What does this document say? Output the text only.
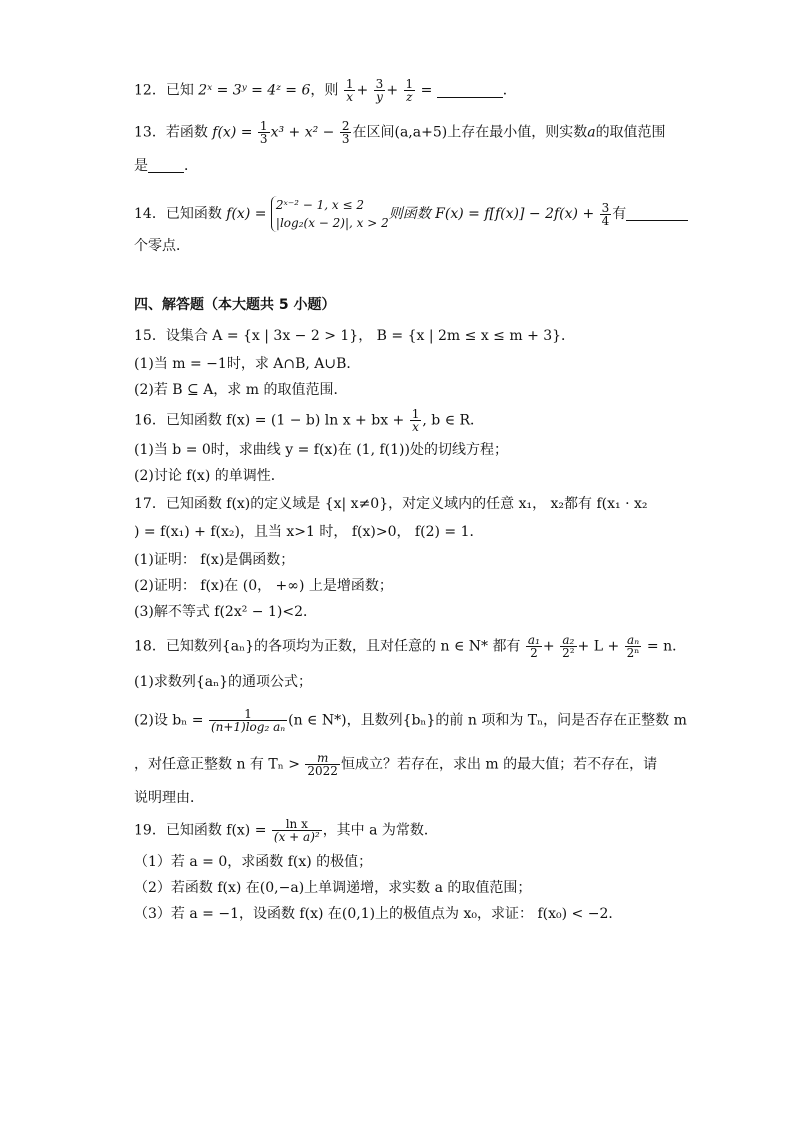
12．已知 2ˣ = 3ʸ = 4ᶻ = 6，则 $\frac{1}{x} + \frac{3}{y} + \frac{1}{z}$ =	．
13．若函数 $f(x) = \frac{1}{3} x^3 + x^2 - \frac{2}{3}$ 在区间(a,a+5)上存在最小值，则实数a的取值范围
是	．
14．已知函数 f(x) =
2ˣ⁻² − 1, x ≤ 2
|log₂(x − 2)|, x > 2
则函数 $F(x) = f[f(x)] - 2f(x) + \frac{3}{4}$ 有
个零点．
四、解答题（本大题共 5 小题）
15．设集合 A = {x | 3x − 2 > 1}， B = {x | 2m ≤ x ≤ m + 3}．
(1)当 m = −1时，求 A∩B, A∪B．
(2)若 B ⊆ A，求 m 的取值范围．
16．已知函数 f(x) = (1 − b) ln x + bx + $\frac{1}{x}$ , b ∈ R．
(1)当 b = 0时，求曲线 y = f(x)在 (1, f(1))处的切线方程；
(2)讨论 f(x) 的单调性．
17．已知函数 f(x)的定义域是 {x| x≠0}，对定义域内的任意 x₁， x₂都有 f(x₁ · x₂
) = f(x₁) + f(x₂)，且当 x>1 时， f(x)>0， f(2) = 1．
(1)证明： f(x)是偶函数；
(2)证明： f(x)在 (0， +∞) 上是增函数；
(3)解不等式 f(2x² − 1)<2．
18．已知数列{aₙ}的各项均为正数，且对任意的 n ∈ N* 都有 $\frac{\text{a₁}}{2} + \frac{\text{a₂}}{\text{2²}} + L + \frac{\text{aₙ}}{\text{2ⁿ}} = n$．
(1)求数列{aₙ}的通项公式；
(2)设 $b_n = \frac{1}{\text{(n+1)log₂ aₙ}} (n$ ∈ N*)，且数列{bₙ}的前 n 项和为 Tₙ，问是否存在正整数 m
，对任意正整数 n 有 $T_n > \frac{m}{2022}$ 恒成立？若存在，求出 m 的最大值；若不存在，请
说明理由．
19．已知函数 $f(x) = \frac{\text{ln x}}{\text{(x + a)²}}$ ，其中 a 为常数．
（1）若 a = 0，求函数 f(x) 的极值；
（2）若函数 f(x) 在(0,−a)上单调递增，求实数 a 的取值范围；
（3）若 a = −1，设函数 f(x) 在(0,1)上的极值点为 x₀，求证： f(x₀) < −2．
